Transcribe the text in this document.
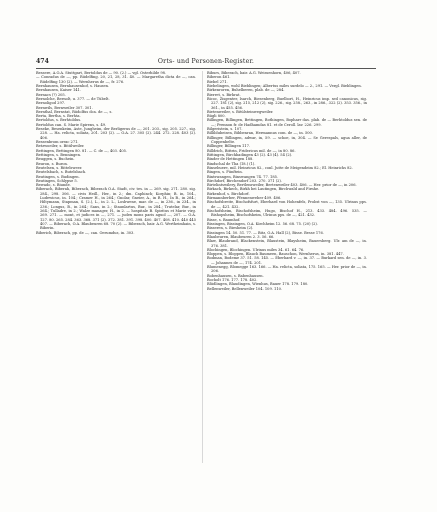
474	Orts- und Personen-Register.

Bessere, A.O.A. Stuttgart, Bertoldus de — 90. (2.) — vgl. Osterhilde 98.

— Conradus de —, pp. Rüdelfing. 20, 21, 28, 31. 40. — Margaretha dicta de —, can. Rüdelfing 130 (2). — Wernherus de —, fr. 276.

Bernhausen, Bernhausenhof, s. Hausen.

Bernhausen, Kaiser 141.

Bernacs (?) 205.

Bernolche, Bernolt, u. 377. — de Tübelt.

Bernoligod 297.

Bernwils, Bernweiler 307. 301.

Bernthal, Bernstat, Rüdolfus dca. de —, s.

Berta, Bertha, s. Berhta.

Bertoldus, s. Berhtoldus.

Bertoldus can. S. Marie Spirens, s. 49.

Beseke, Besenkeim, Aste, Jungheim, der Berligerus de —, 201. 203., sig. 205. 227., sig. 228. — Ha. relicta, soliata, 201. 203 (2). — O.A. 27. 305 (2). 244. 272. 228. 403 (2). 406.

Bessenbrom orrac 271.

Betzwoeiler, s. Bitülweiler.

Bettingen, Bettingen 80. 81. — C. de —, 403. 405.

Bettingen, s. Benningen.

Beuggen, s. Buchein.

Beuron, s. Buron.

Beutelsen, s. Rittelsweer.

Beutelsbach, s. Butelsbach.

Beutingen, s. Budingen.

Beutingen, Schlypse 5.

Bewado, s. Biunde.

Biberach, Biberah, Biberach, Biberach O.A. Stadt, civ. tes. in — 269. sig. 271. 280. sig. 284., 298. 306. — civis Heill., Her., in 2.; dm. Caphinch; Korphin; B. in, 104., Ludewicus, in. 104.; Cramer H., in 264.; Gnolar, Gneier, A., in R. H., In B., in 264.; Hiltymann, Stapman, S. (2.), L., in 2. L., Losbwene, mar. de —, in 236., in 234., in 236.; Longus, B., in 264.; Sans, in 2.; Staunlartus, Bur., in 284.; Trutelar, Bur., in 264.; Tulladre, in 2.; Walze manager, H., in 2. — hospitale B. Spiritus et Marie virg. 269. 271. — mont, et judices in —, 271. — judex mons paris aguol —, 207. — O.A. 127. 80. 265. 284. 363. 368. 371 (2). 372. 381. 391. 398. 400. 407. 408. 410. 440 445 407. — Biberach, O.A. Blaubeuren 68. 70 (2). — Biberach, bair. A.G. Wertheimhain, s. Biberin.

Biberich, Biberach, pp. de —, can. Oerumdus, in. 303.

Biburs, Biberach, bair. A.G. Weissenhorn, 406, 407.

Biberon 461.

Biebel 271.

Biebelingen, wohl Bieblingen; Albertus miles surdelo — 2., 291. — Vergl. Bieblingen.

Birkenroren, Buhelberen, plab. de —, 284.

Bierret, s. Birhrat.

Bicoc, Zisgenter, Isarch, Biesenberg, Buelbort, H., Heinricus imp. sed canonicus, sig. 227. 181 (2), sig. 215, 212 (2), sig. 226., sig. 258., 263., in 286., 322 (2). 353. 356., in 361., in 455. 456.

Bietenweiler, s. Bitülsteinwegweiler.

Bügli 800.

Billingen, Billingen, Bettingen, Bothingen, Bopharr das. plab. de — Berhtoldus sen. de —; Prennon fr. de Hadhamdas 81. et de Ceroll. lav. 226. 299.

Bilgeristein, s. 107.

Billiblubeisen, Bibbenran, Hermannus com. de —, in. 500.

Billinger, Billingen, adwar, in, 59. — schoe, in, 304. — Se Gerespals, agua aller, de Coppenbelte.

Billinger, Billingen 117.

Billdrich, Bittrin, Fridericus mil. de —, in 80. 86.

Bittingen, Birchbadingen 43 (2). 43 (4). 54 (2).

Binder de Hettingen 188.

Bindschal de Tha (18.) (1).

Binsebuere, mil. Heinricus 82., conl. Jutte de Meigendeim 82.; El. Heinrichs 82.

Bingen, s. Fünftein.

Bintswangen, Binswangen 74. 77. 185.

Birchdorf, Birchendorf 203. 270. 371 (2).

Birtelintswilery, Bertlensweiler, Bertenweiler 403. 406. — Her. prior de —, in 206.

Birkach, Birkech, Birkh bei Lautingen, Birchwald and Firnhe.

Birkenhof, s. Birchdorf.

Birmannberber, Pfennenweber 409. 406.

Bischofsbreite, Bischofsfurt, Eberhard von Hohenfels, Probst von —, 135. Ulrinus pps. de —, 421. 432.

Bischofsheim, Bischofsheim, Hugo, Bischof H., 213. 433. 484. 496. 535. — Bishopsheim, Bischofsheim, Ulrinus pps. de —, 421. 432.

Bisse, s. Baumhof.

Bissingen, Bissingen, O.A. Kirchheim 12. 56. 68. 75. (20) (2).

Bisseren, s. Biesheim (2).

Bissingen 14. 50. 51. 77. — Bitz, O.A. Hall (2), Bisse. Besse 176.

Blaubeuren, Blaubeuren 2. 3. 56. 66.

Blaw, Blaubrand, Blackenstein, Blaustein, Blaysheim, Bauersberg. Ulr. am de —, in. 376. 381.

Blochingen, Blochingen. Ulrinus miles 34. 61. 64. 76.

Bloppen, s. Bloppen, Blauch Baumeen, Bauschon, Wernherus, in. 381. 447.

Bodman, Bodeme 37. 51. 58. 145. — Eberhard v. —, in. 37. — Burkard sen. de —, in. 3. — Johannes de —, 174. 201.

Blumenegg, Blomegge 163. 166. — Ha. relicta, soliata, 175. 165. — Her. prior de —, in. 206.

Bobenhausen, s. Babenhausen.

Bocholt 176. 177. 178. 402.

Blüdlingen, Blaudingen, Wienhus, Bauer 178. 179. 180.

Bellenweiler, Bellenweiler 104. 109. 110.
